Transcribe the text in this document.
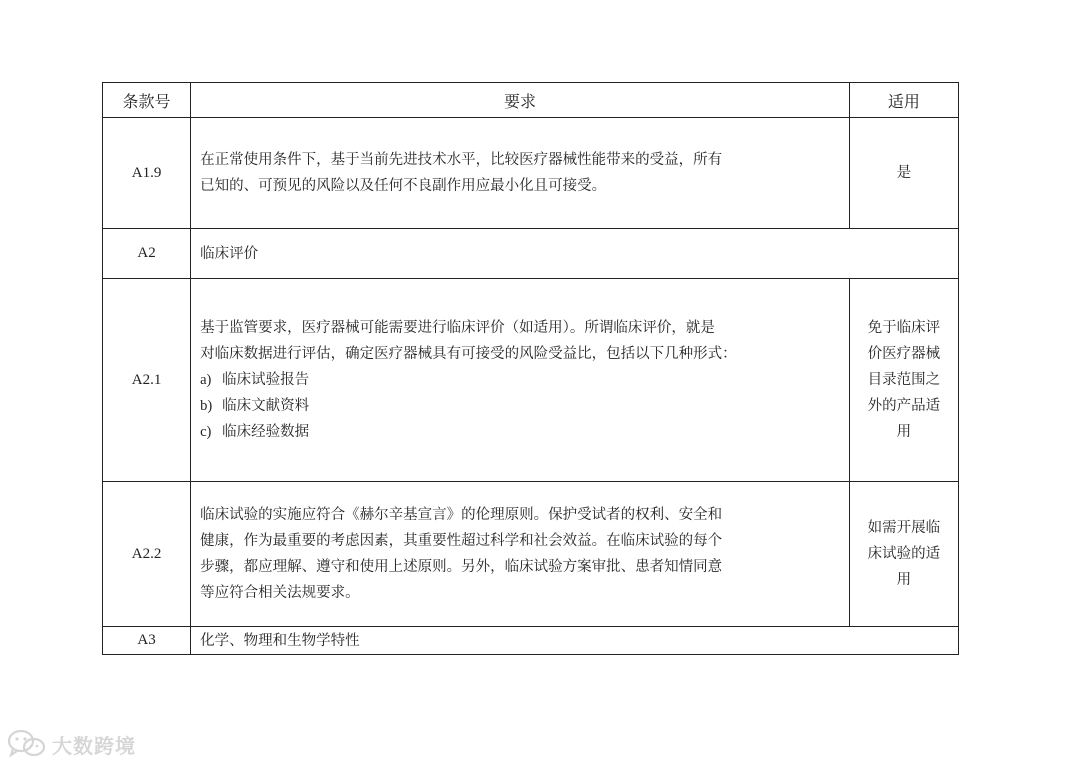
条款号	要求	适用
A1.9	在正常使用条件下，基于当前先进技术水平，比较医疗器械性能带来的受益，所有
已知的、可预见的风险以及任何不良副作用应最小化且可接受。	是

A2	临床评价	

A2.1	基于监管要求，医疗器械可能需要进行临床评价（如适用）。所谓临床评价，就是
对临床数据进行评估，确定医疗器械具有可接受的风险受益比，包括以下几种形式：
a) 临床试验报告
b) 临床文献资料
c) 临床经验数据	免于临床评
价医疗器械
目录范围之
外的产品适
用

A2.2	临床试验的实施应符合《赫尔辛基宣言》的伦理原则。保护受试者的权利、安全和
健康，作为最重要的考虑因素，其重要性超过科学和社会效益。在临床试验的每个
步骤，都应理解、遵守和使用上述原则。另外，临床试验方案审批、患者知情同意
等应符合相关法规要求。	如需开展临
床试验的适
用

A3	化学、物理和生物学特性	
大数跨境
